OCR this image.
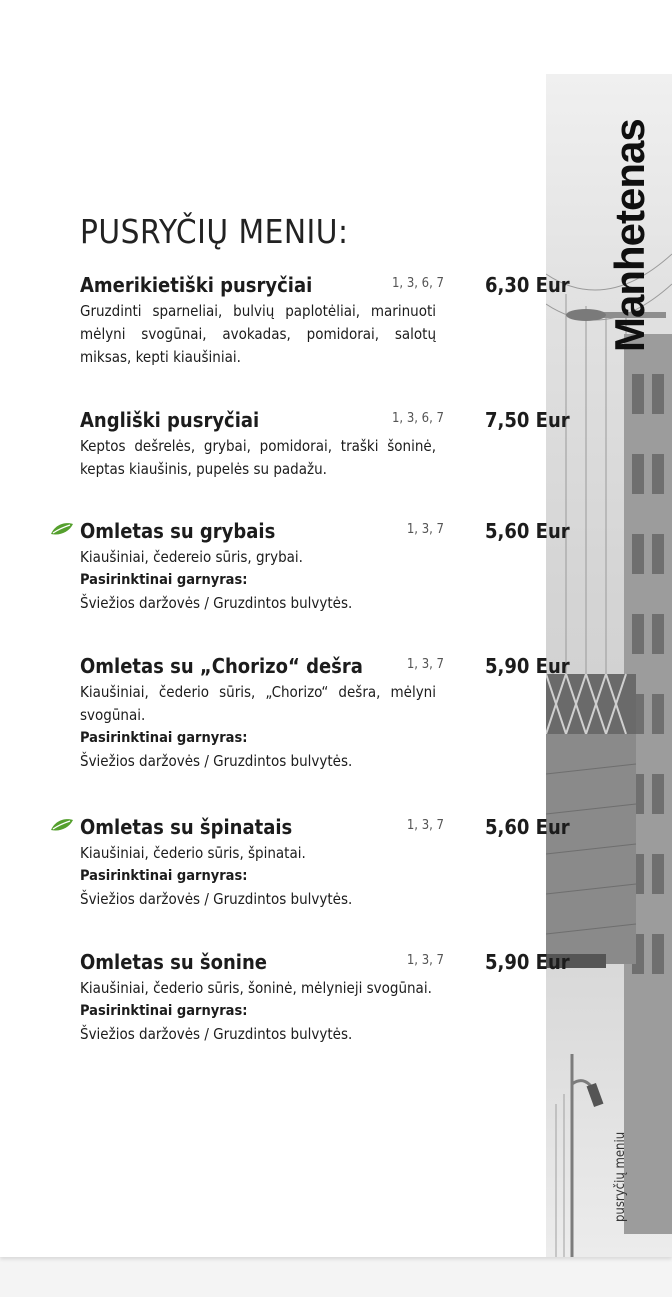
Manhetenas
pusryčių meniu
PUSRYČIŲ MENIU:
Amerikietiški pusryčiai	1, 3, 6, 7 6,30 Eur
Gruzdinti sparneliai, bulvių paplotėliai, marinuoti mėlyni svogūnai, avokadas, pomidorai, salotų miksas, kepti kiaušiniai.
Angliški pusryčiai	1, 3, 6, 7 7,50 Eur
Keptos dešrelės, grybai, pomidorai, traški šoninė, keptas kiaušinis, pupelės su padažu.
Omletas su grybais	1, 3, 7 5,60 Eur
Kiaušiniai, čedereio sūris, grybai.
Pasirinktinai garnyras:
Šviežios daržovės / Gruzdintos bulvytės.
Omletas su „Chorizo“ dešra	1, 3, 7 5,90 Eur
Kiaušiniai, čederio sūris, „Chorizo“ dešra, mėlyni svogūnai.
Pasirinktinai garnyras:
Šviežios daržovės / Gruzdintos bulvytės.
Omletas su špinatais	1, 3, 7 5,60 Eur
Kiaušiniai, čederio sūris, špinatai.
Pasirinktinai garnyras:
Šviežios daržovės / Gruzdintos bulvytės.
Omletas su šonine	1, 3, 7 5,90 Eur
Kiaušiniai, čederio sūris, šoninė, mėlynieji svogūnai.
Pasirinktinai garnyras:
Šviežios daržovės / Gruzdintos bulvytės.
